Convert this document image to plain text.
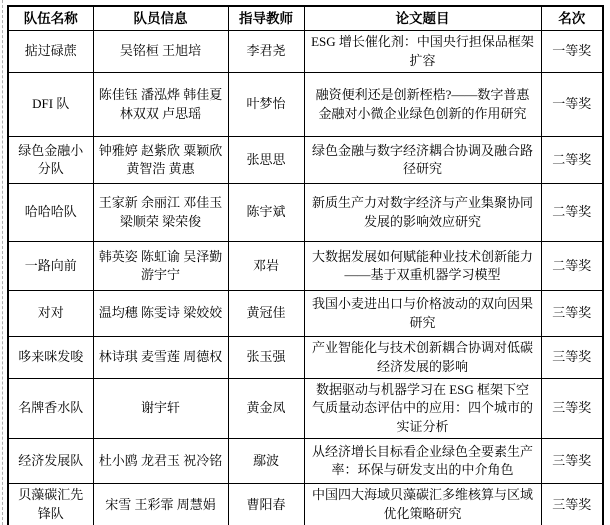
队伍名称	队员信息	指导教师	论文题目	名次
掂过碌蔗	吴铭桓 王旭培	李君尧	ESG 增长催化剂：中国央行担保品框架扩容	一等奖
DFI 队	陈佳钰 潘泓烨 韩佳夏 林双双 卢思瑶	叶梦怡	融资便利还是创新桎梏?——数字普惠金融对小微企业绿色创新的作用研究	一等奖
绿色金融小分队	钟雅婷 赵紫欣 粟颖欣 黄智浩 黄惠	张思思	绿色金融与数字经济耦合协调及融合路径研究	二等奖
哈哈哈队	王家新 余丽江 邓佳玉 梁顺荣 梁荣俊	陈宇斌	新质生产力对数字经济与产业集聚协同发展的影响效应研究	二等奖
一路向前	韩英姿 陈虹谕 吴泽勤 游宇宁	邓岩	大数据发展如何赋能种业技术创新能力——基于双重机器学习模型	二等奖
对对	温均穗 陈雯诗 梁姣姣	黄冠佳	我国小麦进出口与价格波动的双向因果研究	三等奖
哆来咪发唆	林诗琪 麦雪莲 周德权	张玉强	产业智能化与技术创新耦合协调对低碳经济发展的影响	三等奖
名牌香水队	谢宇轩	黄金凤	数据驱动与机器学习在 ESG 框架下空气质量动态评估中的应用：四个城市的实证分析	三等奖
经济发展队	杜小鸥 龙君玉 祝冷铭	鄢波	从经济增长目标看企业绿色全要素生产率：环保与研发支出的中介角色	三等奖
贝藻碳汇先锋队	宋雪 王彩霏 周慧娟	曹阳春	中国四大海域贝藻碳汇多维核算与区域优化策略研究	三等奖
